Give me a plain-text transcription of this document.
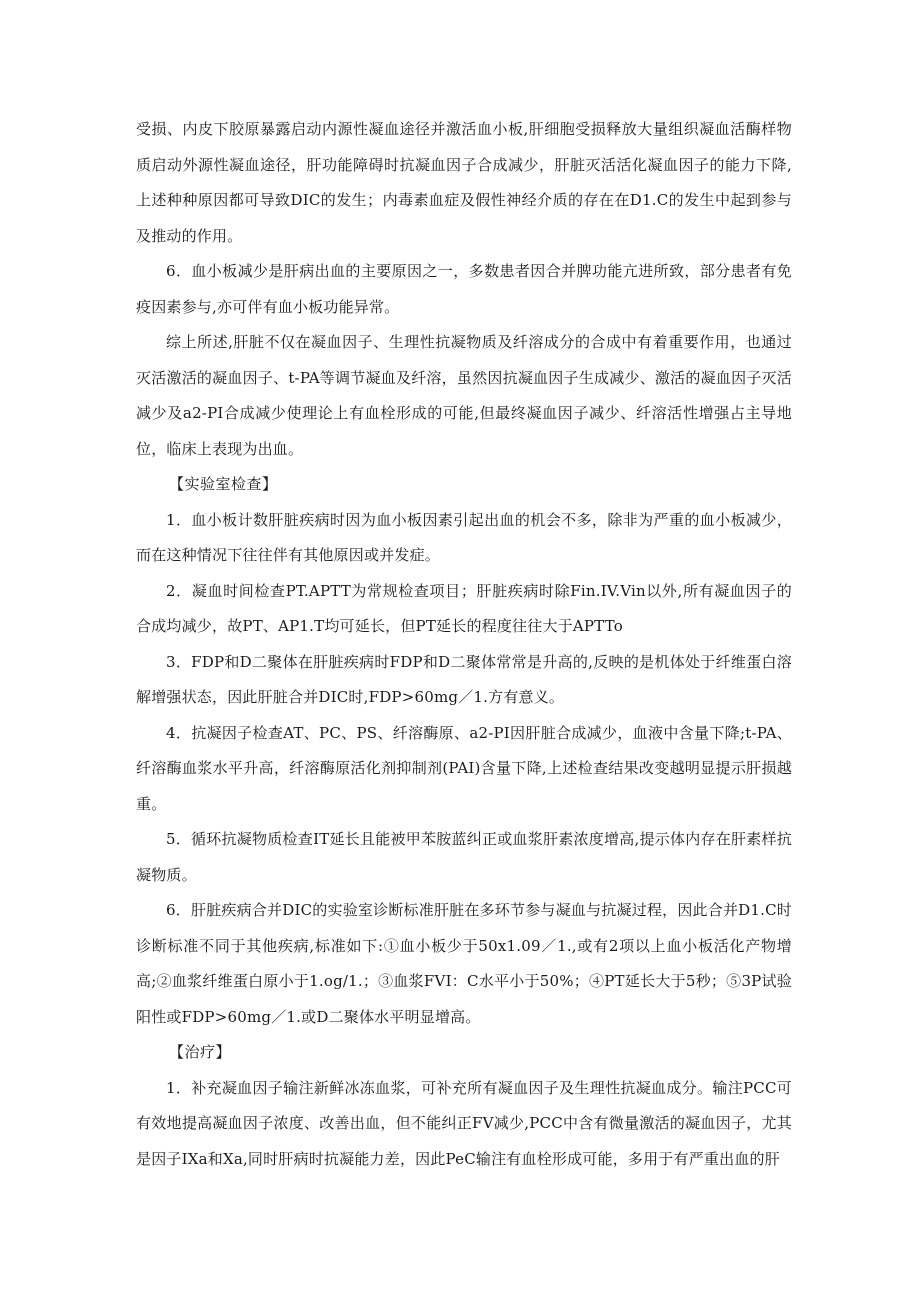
受损、内皮下胶原暴露启动内源性凝血途径并激活血小板,肝细胞受损释放大量组织凝血活酶样物质启动外源性凝血途径，肝功能障碍时抗凝血因子合成减少，肝脏灭活活化凝血因子的能力下降,上述种种原因都可导致DIC的发生；内毒素血症及假性神经介质的存在在D1.C的发生中起到参与及推动的作用。

6．血小板减少是肝病出血的主要原因之一，多数患者因合并脾功能亢进所致，部分患者有免疫因素参与,亦可伴有血小板功能异常。

综上所述,肝脏不仅在凝血因子、生理性抗凝物质及纤溶成分的合成中有着重要作用，也通过灭活激活的凝血因子、t-PA等调节凝血及纤溶，虽然因抗凝血因子生成减少、激活的凝血因子灭活减少及a2-PI合成减少使理论上有血栓形成的可能,但最终凝血因子减少、纤溶活性增强占主导地位，临床上表现为出血。

【实验室检查】

1．血小板计数肝脏疾病时因为血小板因素引起出血的机会不多，除非为严重的血小板减少，而在这种情况下往往伴有其他原因或并发症。

2．凝血时间检查PT.APTT为常规检查项目；肝脏疾病时除Fin.IV.Vin以外,所有凝血因子的合成均减少，故PT、AP1.T均可延长，但PT延长的程度往往大于APTTo

3．FDP和D二聚体在肝脏疾病时FDP和D二聚体常常是升高的,反映的是机体处于纤维蛋白溶解增强状态，因此肝脏合并DIC时,FDP>60mg／1.方有意义。

4．抗凝因子检查AT、PC、PS、纤溶酶原、a2-PI因肝脏合成减少，血液中含量下降;t-PA、纤溶酶血浆水平升高，纤溶酶原活化剂抑制剂(PAI)含量下降,上述检查结果改变越明显提示肝损越重。

5．循环抗凝物质检查IT延长且能被甲苯胺蓝纠正或血浆肝素浓度增高,提示体内存在肝素样抗凝物质。

6．肝脏疾病合并DIC的实验室诊断标准肝脏在多环节参与凝血与抗凝过程，因此合并D1.C时诊断标准不同于其他疾病,标准如下:①血小板少于50x1.09／1.,或有2项以上血小板活化产物增高;②血浆纤维蛋白原小于1.og/1.；③血浆FVI：C水平小于50%；④PT延长大于5秒；⑤3P试验阳性或FDP>60mg／1.或D二聚体水平明显增高。

【治疗】

1．补充凝血因子输注新鲜冰冻血浆，可补充所有凝血因子及生理性抗凝血成分。输注PCC可有效地提高凝血因子浓度、改善出血，但不能纠正FV减少,PCC中含有微量激活的凝血因子，尤其是因子IXa和Xa,同时肝病时抗凝能力差，因此PeC输注有血栓形成可能，多用于有严重出血的肝
